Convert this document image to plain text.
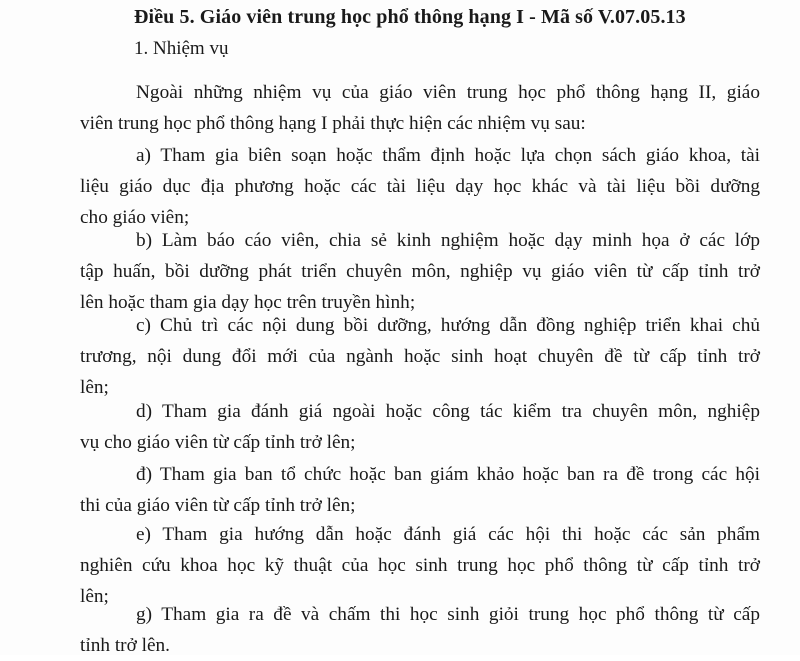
Điều 5. Giáo viên trung học phổ thông hạng I - Mã số V.07.05.13
1. Nhiệm vụ
Ngoài những nhiệm vụ của giáo viên trung học phổ thông hạng II, giáo
viên trung học phổ thông hạng I phải thực hiện các nhiệm vụ sau:
a) Tham gia biên soạn hoặc thẩm định hoặc lựa chọn sách giáo khoa, tài
liệu giáo dục địa phương hoặc các tài liệu dạy học khác và tài liệu bồi dưỡng
cho giáo viên;
b) Làm báo cáo viên, chia sẻ kinh nghiệm hoặc dạy minh họa ở các lớp
tập huấn, bồi dưỡng phát triển chuyên môn, nghiệp vụ giáo viên từ cấp tỉnh trở
lên hoặc tham gia dạy học trên truyền hình;
c) Chủ trì các nội dung bồi dưỡng, hướng dẫn đồng nghiệp triển khai chủ
trương, nội dung đổi mới của ngành hoặc sinh hoạt chuyên đề từ cấp tỉnh trở
lên;
d) Tham gia đánh giá ngoài hoặc công tác kiểm tra chuyên môn, nghiệp
vụ cho giáo viên từ cấp tỉnh trở lên;
đ) Tham gia ban tổ chức hoặc ban giám khảo hoặc ban ra đề trong các hội
thi của giáo viên từ cấp tỉnh trở lên;
e) Tham gia hướng dẫn hoặc đánh giá các hội thi hoặc các sản phẩm
nghiên cứu khoa học kỹ thuật của học sinh trung học phổ thông từ cấp tỉnh trở
lên;
g) Tham gia ra đề và chấm thi học sinh giỏi trung học phổ thông từ cấp
tỉnh trở lên.
